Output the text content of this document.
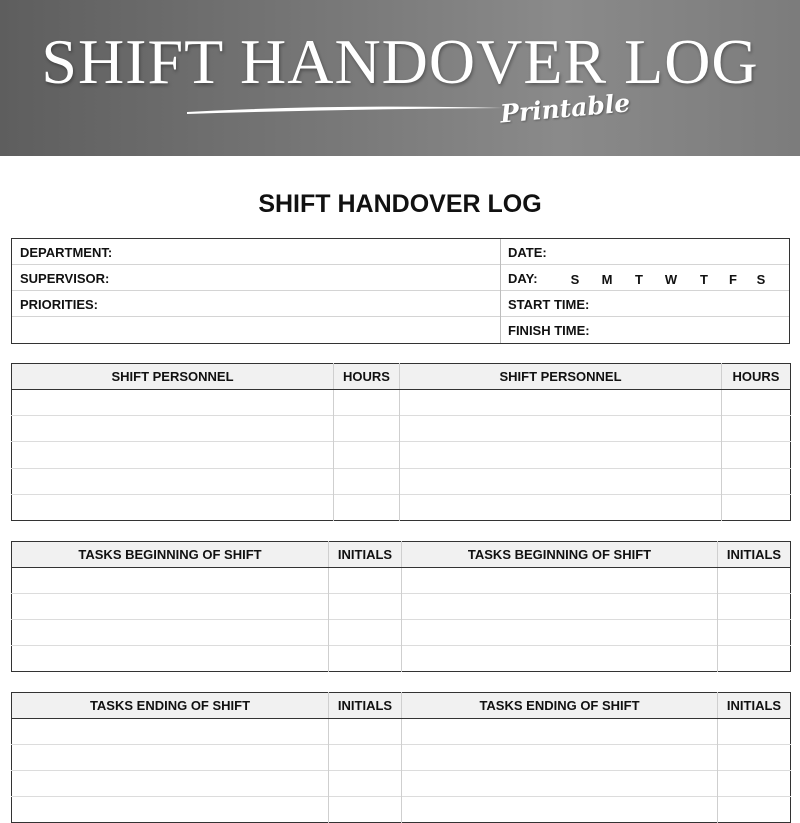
SHIFT HANDOVER LOG
Printable
SHIFT HANDOVER LOG
DEPARTMENT:
SUPERVISOR:
PRIORITIES:
DATE:
DAY:	S M T W T F S
START TIME:
FINISH TIME:
SHIFT PERSONNEL	HOURS	SHIFT PERSONNEL	HOURS

TASKS BEGINNING OF SHIFT	INITIALS	TASKS BEGINNING OF SHIFT	INITIALS

TASKS ENDING OF SHIFT	INITIALS	TASKS ENDING OF SHIFT	INITIALS
